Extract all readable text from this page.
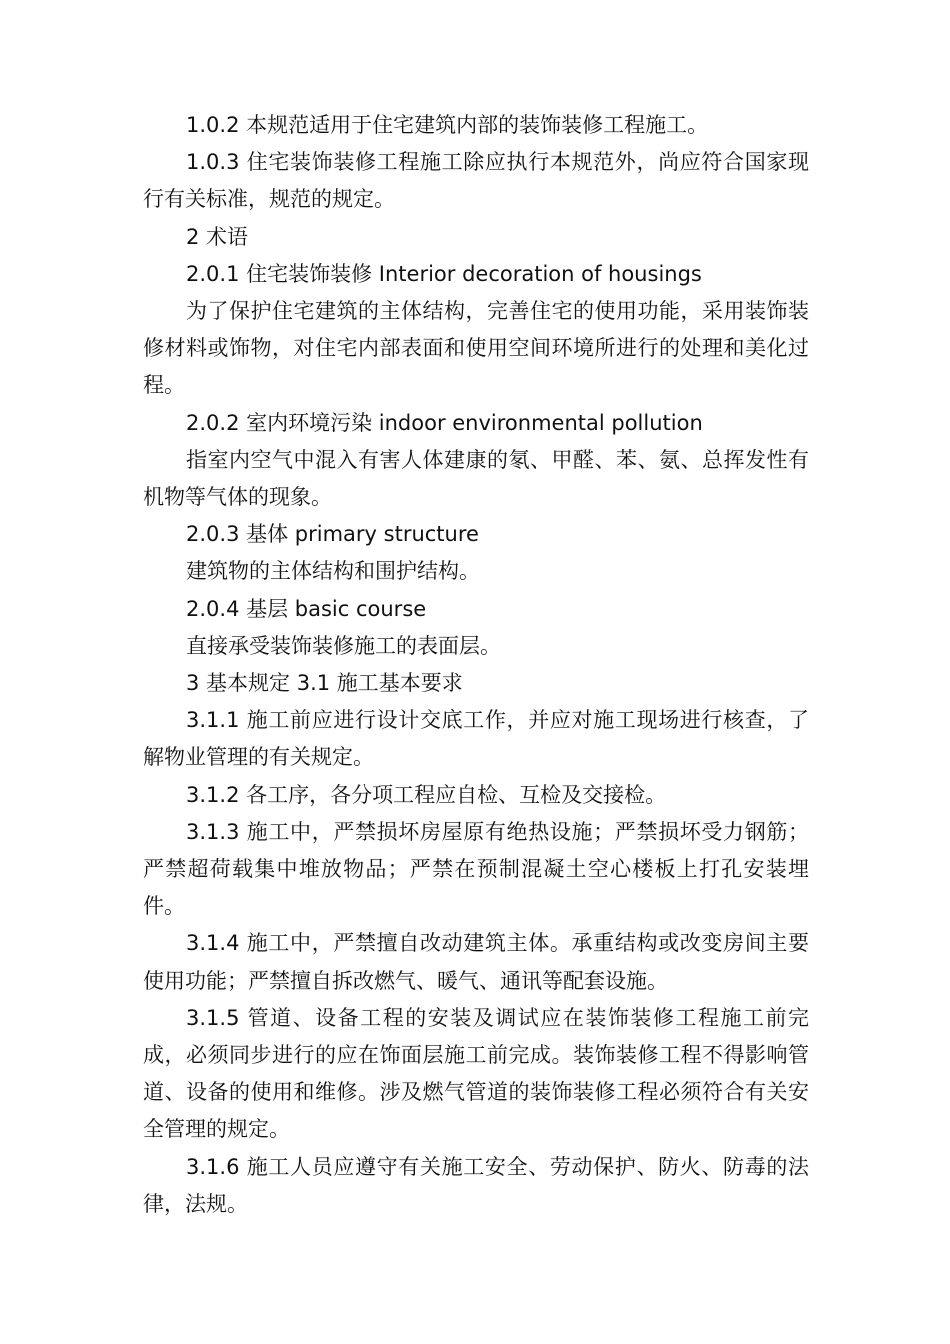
1.0.2 本规范适用于住宅建筑内部的装饰装修工程施工。

1.0.3 住宅装饰装修工程施工除应执行本规范外，尚应符合国家现行有关标准，规范的规定。

2 术语

2.0.1 住宅装饰装修 Interior decoration of housings

为了保护住宅建筑的主体结构，完善住宅的使用功能，采用装饰装修材料或饰物，对住宅内部表面和使用空间环境所进行的处理和美化过程。

2.0.2 室内环境污染 indoor environmental pollution

指室内空气中混入有害人体建康的氡、甲醛、苯、氨、总挥发性有机物等气体的现象。

2.0.3 基体 primary structure

建筑物的主体结构和围护结构。

2.0.4 基层 basic course

直接承受装饰装修施工的表面层。

3 基本规定 3.1 施工基本要求

3.1.1 施工前应进行设计交底工作，并应对施工现场进行核查，了解物业管理的有关规定。

3.1.2 各工序，各分项工程应自检、互检及交接检。

3.1.3 施工中，严禁损坏房屋原有绝热设施；严禁损坏受力钢筋；严禁超荷载集中堆放物品；严禁在预制混凝土空心楼板上打孔安装埋件。

3.1.4 施工中，严禁擅自改动建筑主体。承重结构或改变房间主要使用功能；严禁擅自拆改燃气、暖气、通讯等配套设施。

3.1.5 管道、设备工程的安装及调试应在装饰装修工程施工前完成，必须同步进行的应在饰面层施工前完成。装饰装修工程不得影响管道、设备的使用和维修。涉及燃气管道的装饰装修工程必须符合有关安全管理的规定。

3.1.6 施工人员应遵守有关施工安全、劳动保护、防火、防毒的法律，法规。
